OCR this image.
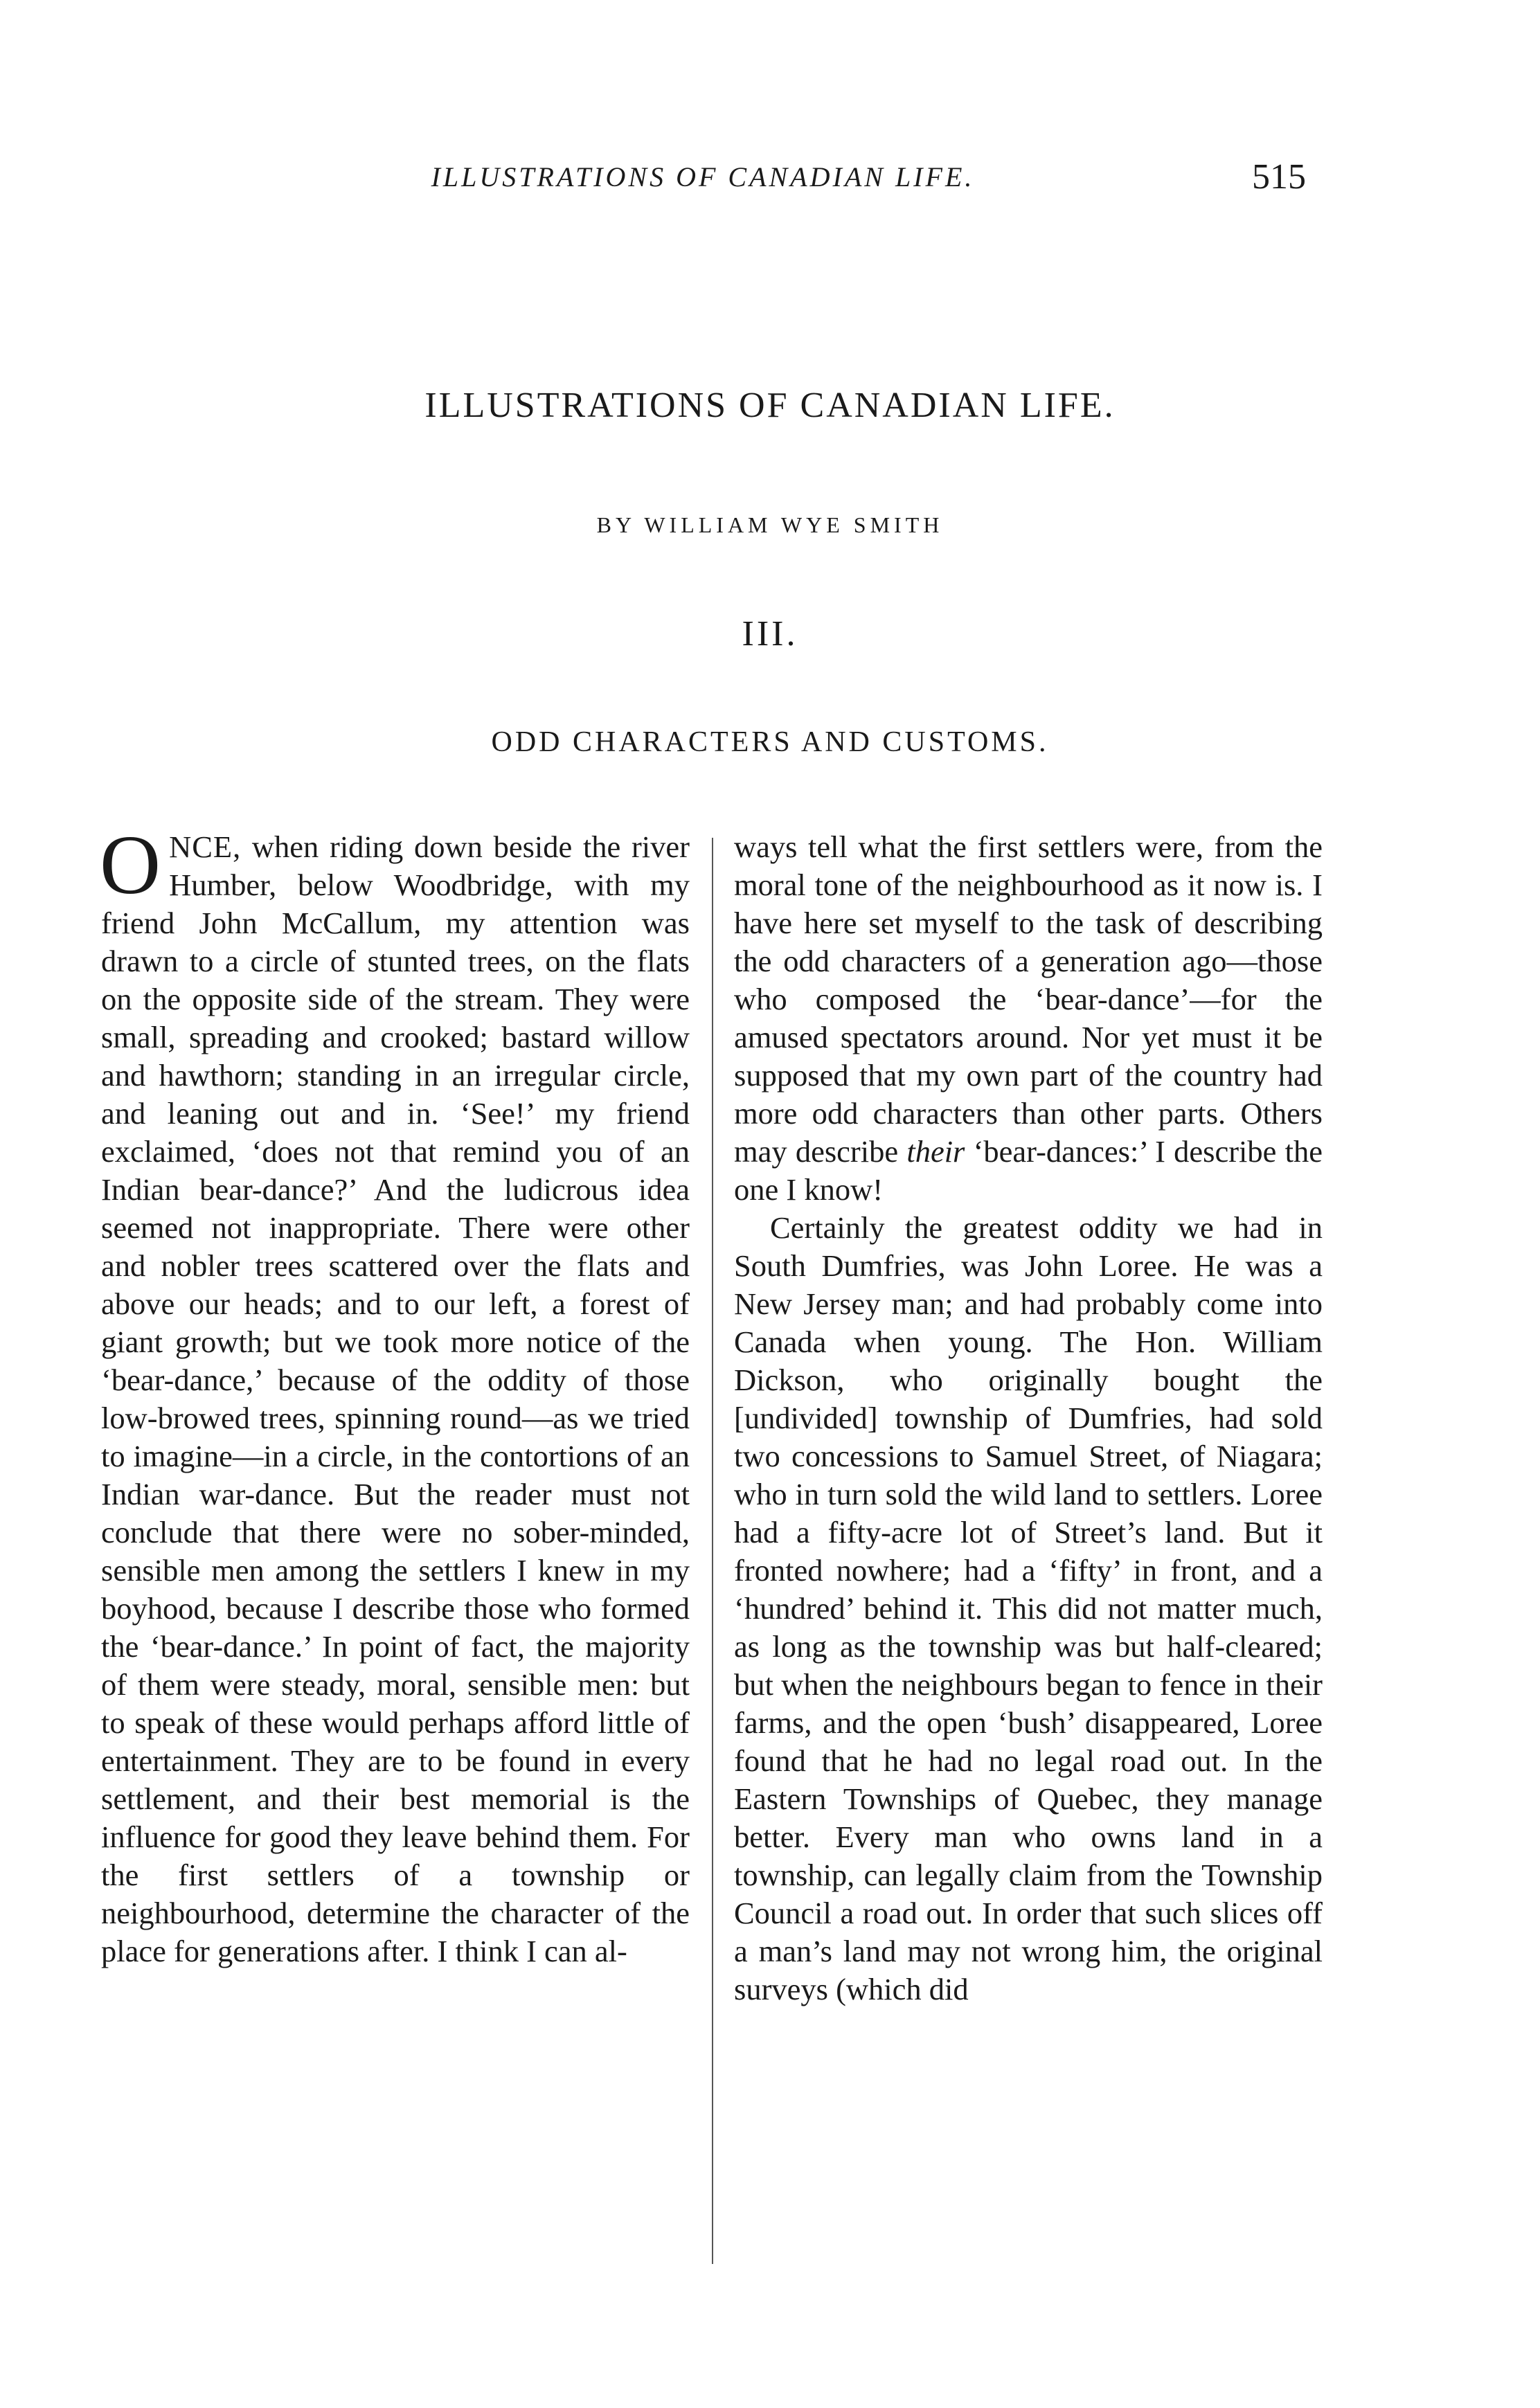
ILLUSTRATIONS OF CANADIAN LIFE.	515
ILLUSTRATIONS OF CANADIAN LIFE.
BY WILLIAM WYE SMITH
III.
ODD CHARACTERS AND CUSTOMS.

ONCE, when riding down beside the river Humber, below Woodbridge, with my friend John McCallum, my attention was drawn to a circle of stunted trees, on the flats on the opposite side of the stream. They were small, spreading and crooked; bastard willow and hawthorn; standing in an irregular circle, and leaning out and in. ‘See!’ my friend exclaimed, ‘does not that remind you of an Indian bear-dance?’ And the ludicrous idea seemed not inappropriate. There were other and nobler trees scattered over the flats and above our heads; and to our left, a forest of giant growth; but we took more notice of the ‘bear-dance,’ because of the oddity of those low-browed trees, spinning round—as we tried to imagine—in a circle, in the contortions of an Indian war-dance. But the reader must not conclude that there were no sober-minded, sensible men among the settlers I knew in my boyhood, because I describe those who formed the ‘bear-dance.’ In point of fact, the majority of them were steady, moral, sensible men: but to speak of these would perhaps afford little of entertainment. They are to be found in every settlement, and their best memorial is the influence for good they leave behind them. For the first settlers of a township or neighbourhood, determine the character of the place for generations after. I think I can al-

ways tell what the first settlers were, from the moral tone of the neighbourhood as it now is. I have here set myself to the task of describing the odd characters of a generation ago—those who composed the ‘bear-dance’—for the amused spectators around. Nor yet must it be supposed that my own part of the country had more odd characters than other parts. Others may describe their ‘bear-dances:’ I describe the one I know!

Certainly the greatest oddity we had in South Dumfries, was John Loree. He was a New Jersey man; and had probably come into Canada when young. The Hon. William Dickson, who originally bought the [undivided] township of Dumfries, had sold two concessions to Samuel Street, of Niagara; who in turn sold the wild land to settlers. Loree had a fifty-acre lot of Street’s land. But it fronted nowhere; had a ‘fifty’ in front, and a ‘hundred’ behind it. This did not matter much, as long as the township was but half-cleared; but when the neighbours began to fence in their farms, and the open ‘bush’ disappeared, Loree found that he had no legal road out. In the Eastern Townships of Quebec, they manage better. Every man who owns land in a township, can legally claim from the Township Council a road out. In order that such slices off a man’s land may not wrong him, the original surveys (which did
